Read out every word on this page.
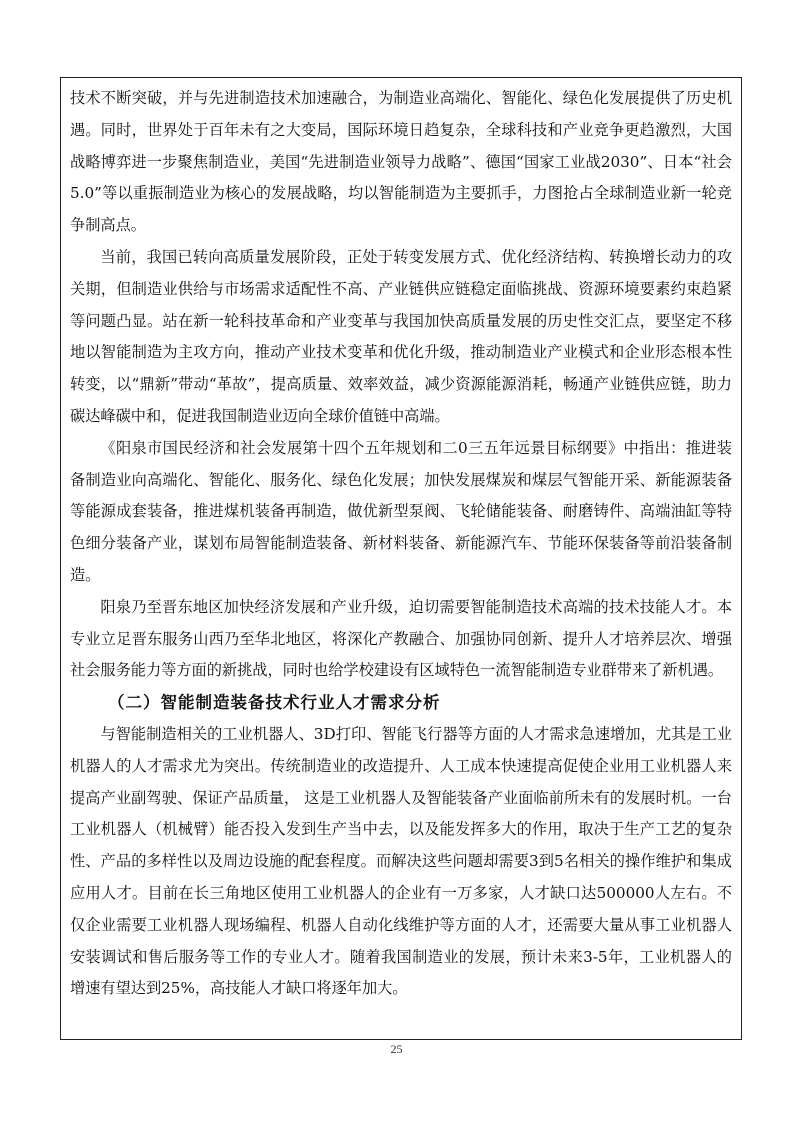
技术不断突破，并与先进制造技术加速融合，为制造业高端化、智能化、绿色化发展提供了历史机遇。同时，世界处于百年未有之大变局，国际环境日趋复杂，全球科技和产业竞争更趋激烈，大国战略博弈进一步聚焦制造业，美国“先进制造业领导力战略”、德国“国家工业战2030”、日本“社会 5.0”等以重振制造业为核心的发展战略，均以智能制造为主要抓手，力图抢占全球制造业新一轮竞争制高点。

当前，我国已转向高质量发展阶段，正处于转变发展方式、优化经济结构、转换增长动力的攻关期，但制造业供给与市场需求适配性不高、产业链供应链稳定面临挑战、资源环境要素约束趋紧等问题凸显。站在新一轮科技革命和产业变革与我国加快高质量发展的历史性交汇点，要坚定不移地以智能制造为主攻方向，推动产业技术变革和优化升级，推动制造业产业模式和企业形态根本性转变，以“鼎新”带动“革故”，提高质量、效率效益，减少资源能源消耗，畅通产业链供应链，助力碳达峰碳中和，促进我国制造业迈向全球价值链中高端。

《阳泉市国民经济和社会发展第十四个五年规划和二0三五年远景目标纲要》中指出：推进装备制造业向高端化、智能化、服务化、绿色化发展；加快发展煤炭和煤层气智能开采、新能源装备等能源成套装备，推进煤机装备再制造，做优新型泵阀、飞轮储能装备、耐磨铸件、高端油缸等特色细分装备产业，谋划布局智能制造装备、新材料装备、新能源汽车、节能环保装备等前沿装备制造。

阳泉乃至晋东地区加快经济发展和产业升级，迫切需要智能制造技术高端的技术技能人才。本专业立足晋东服务山西乃至华北地区，将深化产教融合、加强协同创新、提升人才培养层次、增强社会服务能力等方面的新挑战，同时也给学校建设有区域特色一流智能制造专业群带来了新机遇。

（二）智能制造装备技术行业人才需求分析

与智能制造相关的工业机器人、3D打印、智能飞行器等方面的人才需求急速增加，尤其是工业机器人的人才需求尤为突出。传统制造业的改造提升、人工成本快速提高促使企业用工业机器人来提高产业副驾驶、保证产品质量， 这是工业机器人及智能装备产业面临前所未有的发展时机。一台工业机器人（机械臂）能否投入发到生产当中去，以及能发挥多大的作用，取决于生产工艺的复杂性、产品的多样性以及周边设施的配套程度。而解决这些问题却需要3到5名相关的操作维护和集成应用人才。目前在长三角地区使用工业机器人的企业有一万多家，人才缺口达500000人左右。不仅企业需要工业机器人现场编程、机器人自动化线维护等方面的人才，还需要大量从事工业机器人安装调试和售后服务等工作的专业人才。随着我国制造业的发展，预计未来3-5年，工业机器人的增速有望达到25%，高技能人才缺口将逐年加大。

25
